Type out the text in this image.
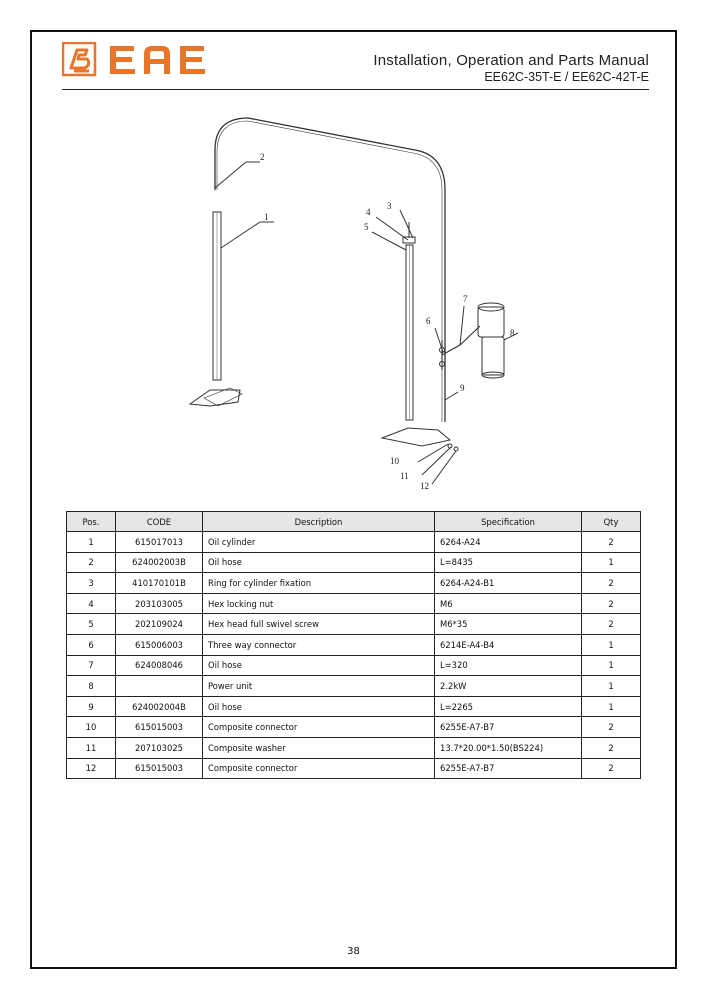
Installation, Operation and Parts Manual
EE62C-35T-E / EE62C-42T-E
2
1	4
3
5
7
6
8
9
10
11
12
Pos.	CODE	Description	Specification	Qty
1	615017013	Oil cylinder	6264-A24	2
2	624002003B	Oil hose	L=8435	1
3	410170101B	Ring for cylinder fixation	6264-A24-B1	2
4	203103005	Hex locking nut	M6	2
5	202109024	Hex head full swivel screw	M6*35	2
6	615006003	Three way connector	6214E-A4-B4	1
7	624008046	Oil hose	L=320	1
8		Power unit	2.2kW	1
9	624002004B	Oil hose	L=2265	1
10	615015003	Composite connector	6255E-A7-B7	2
11	207103025	Composite washer	13.7*20.00*1.50(BS224)	2
12	615015003	Composite connector	6255E-A7-B7	2
38
